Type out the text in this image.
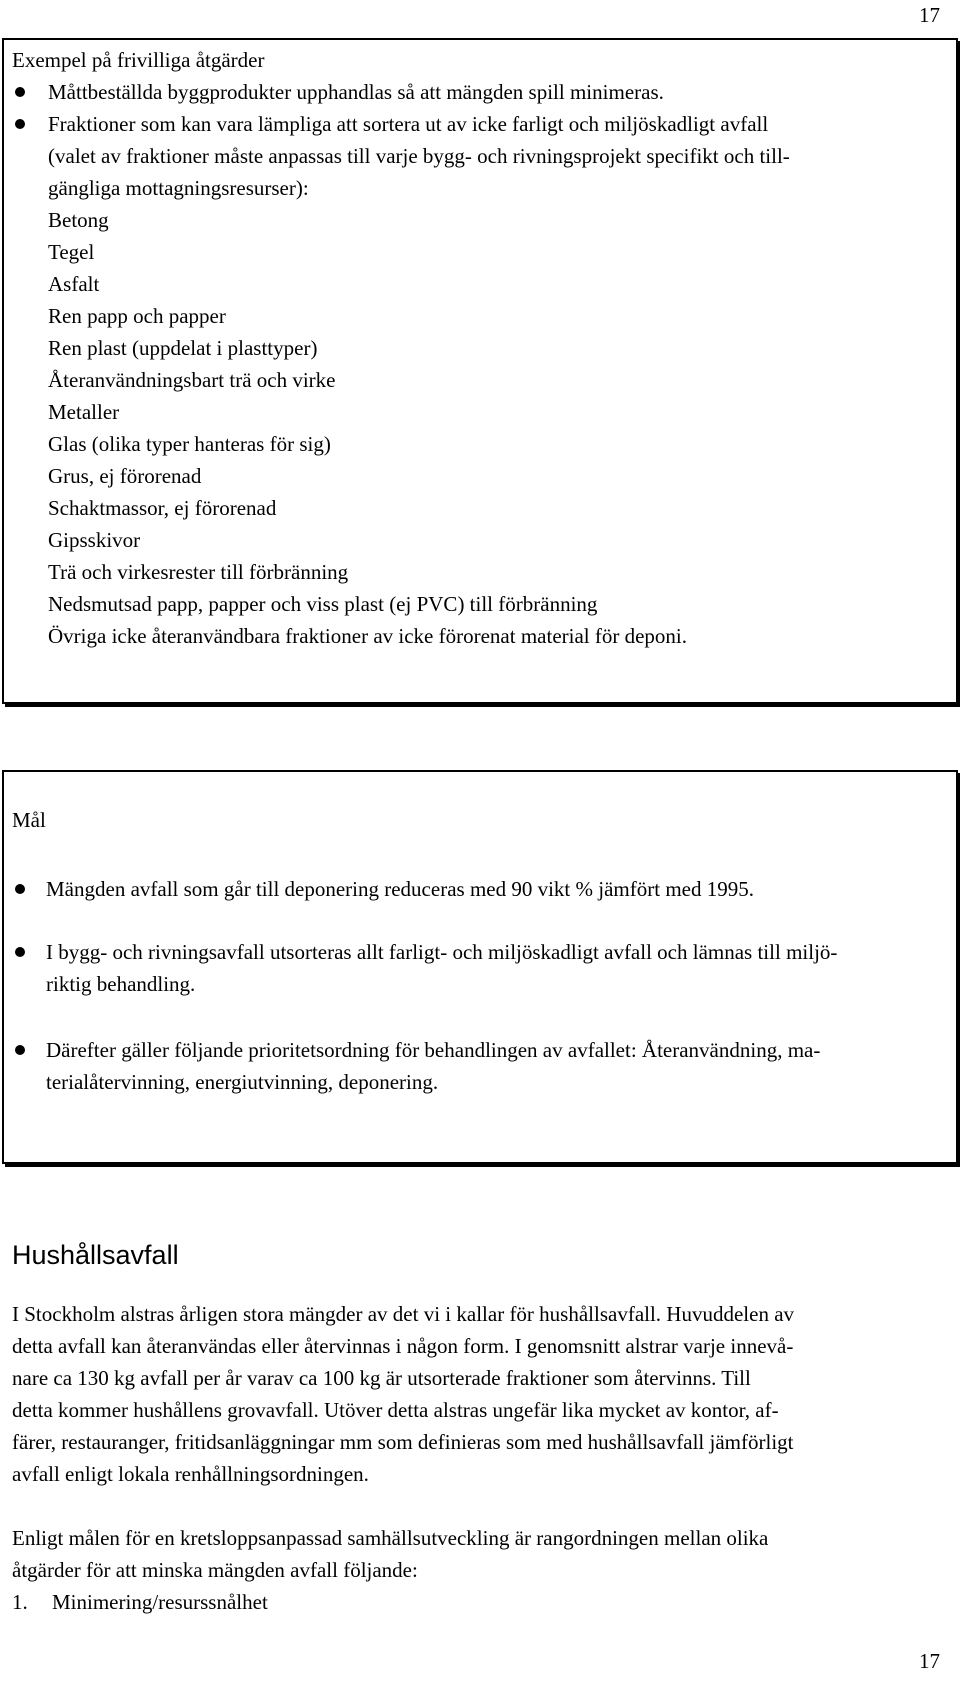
17
Exempel på frivilliga åtgärder
Måttbeställda byggprodukter upphandlas så att mängden spill minimeras.
Fraktioner som kan vara lämpliga att sortera ut av icke farligt och miljöskadligt avfall
(valet av fraktioner måste anpassas till varje bygg- och rivningsprojekt specifikt och till-
gängliga mottagningsresurser):
Betong
Tegel
Asfalt
Ren papp och papper
Ren plast (uppdelat i plasttyper)
Återanvändningsbart trä och virke
Metaller
Glas (olika typer hanteras för sig)
Grus, ej förorenad
Schaktmassor, ej förorenad
Gipsskivor
Trä och virkesrester till förbränning
Nedsmutsad papp, papper och viss plast (ej PVC) till förbränning
Övriga icke återanvändbara fraktioner av icke förorenat material för deponi.
Mål
Mängden avfall som går till deponering reduceras med 90 vikt % jämfört med 1995.
I bygg- och rivningsavfall utsorteras allt farligt- och miljöskadligt avfall och lämnas till miljö-
riktig behandling.
Därefter gäller följande prioritetsordning för behandlingen av avfallet: Återanvändning, ma-
terialåtervinning, energiutvinning, deponering.
Hushållsavfall
I Stockholm alstras årligen stora mängder av det vi i kallar för hushållsavfall. Huvuddelen av
detta avfall kan återanvändas eller återvinnas i någon form. I genomsnitt alstrar varje innevå-
nare ca 130 kg avfall per år varav ca 100 kg är utsorterade fraktioner som återvinns. Till
detta kommer hushållens grovavfall. Utöver detta alstras ungefär lika mycket av kontor, af-
färer, restauranger, fritidsanläggningar mm som definieras som med hushållsavfall jämförligt
avfall enligt lokala renhållningsordningen.
Enligt målen för en kretsloppsanpassad samhällsutveckling är rangordningen mellan olika
åtgärder för att minska mängden avfall följande:
1. Minimering/resurssnålhet
17
